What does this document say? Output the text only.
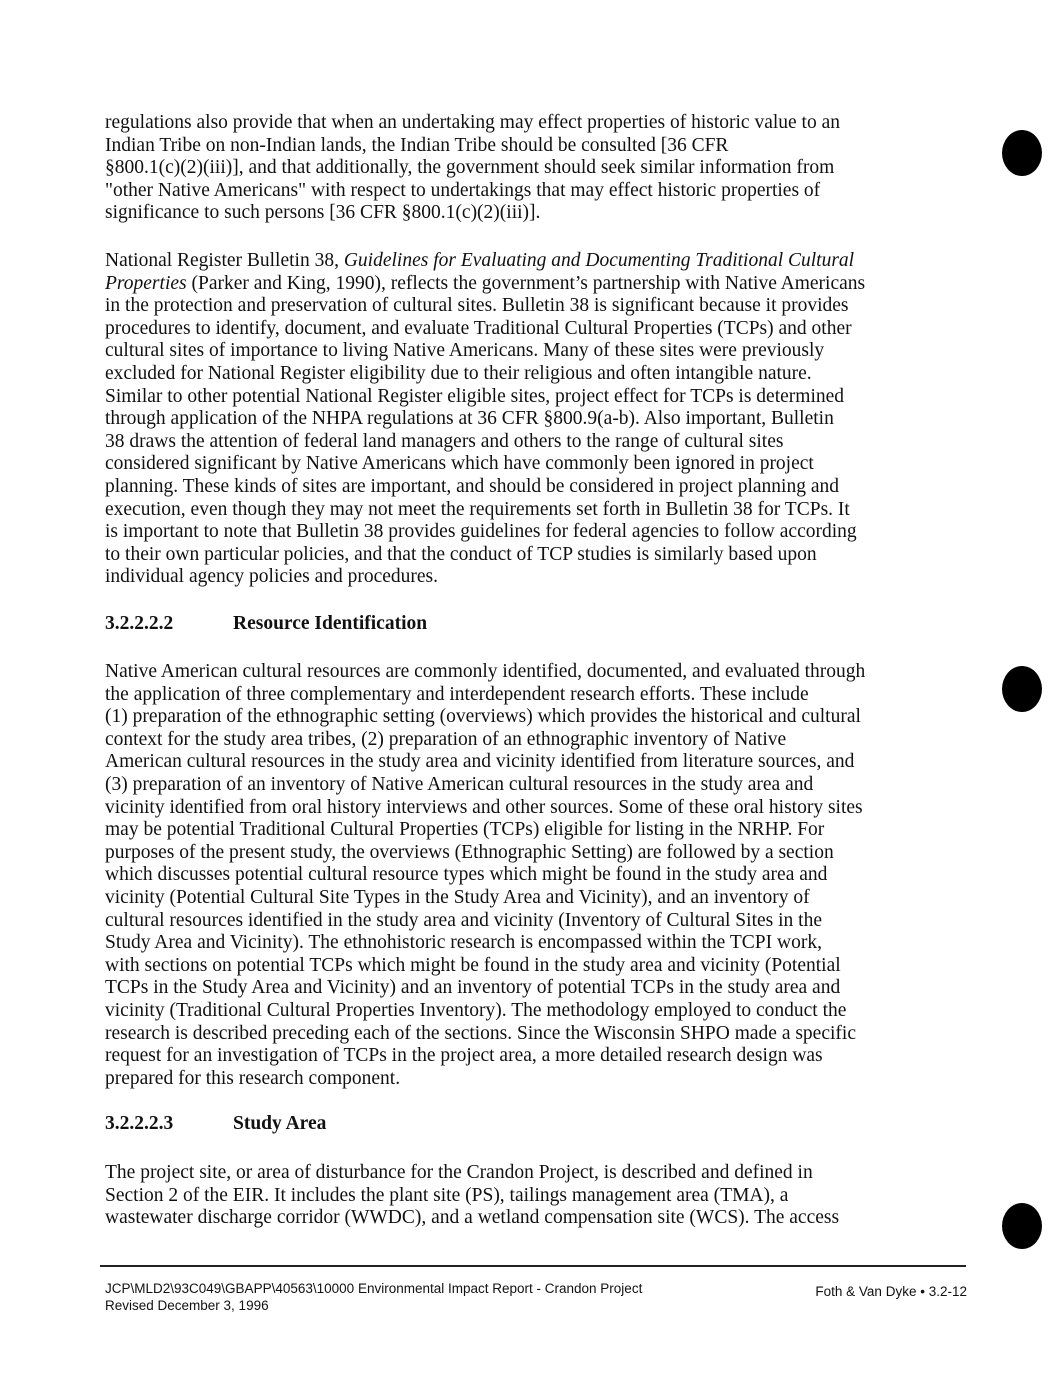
regulations also provide that when an undertaking may effect properties of historic value to an
Indian Tribe on non-Indian lands, the Indian Tribe should be consulted [36 CFR
§800.1(c)(2)(iii)], and that additionally, the government should seek similar information from
"other Native Americans" with respect to undertakings that may effect historic properties of
significance to such persons [36 CFR §800.1(c)(2)(iii)].

National Register Bulletin 38, Guidelines for Evaluating and Documenting Traditional Cultural
Properties (Parker and King, 1990), reflects the government’s partnership with Native Americans
in the protection and preservation of cultural sites. Bulletin 38 is significant because it provides
procedures to identify, document, and evaluate Traditional Cultural Properties (TCPs) and other
cultural sites of importance to living Native Americans. Many of these sites were previously
excluded for National Register eligibility due to their religious and often intangible nature.
Similar to other potential National Register eligible sites, project effect for TCPs is determined
through application of the NHPA regulations at 36 CFR §800.9(a-b). Also important, Bulletin
38 draws the attention of federal land managers and others to the range of cultural sites
considered significant by Native Americans which have commonly been ignored in project
planning. These kinds of sites are important, and should be considered in project planning and
execution, even though they may not meet the requirements set forth in Bulletin 38 for TCPs. It
is important to note that Bulletin 38 provides guidelines for federal agencies to follow according
to their own particular policies, and that the conduct of TCP studies is similarly based upon
individual agency policies and procedures.

3.2.2.2.2	Resource Identification

Native American cultural resources are commonly identified, documented, and evaluated through
the application of three complementary and interdependent research efforts. These include
(1) preparation of the ethnographic setting (overviews) which provides the historical and cultural
context for the study area tribes, (2) preparation of an ethnographic inventory of Native
American cultural resources in the study area and vicinity identified from literature sources, and
(3) preparation of an inventory of Native American cultural resources in the study area and
vicinity identified from oral history interviews and other sources. Some of these oral history sites
may be potential Traditional Cultural Properties (TCPs) eligible for listing in the NRHP. For
purposes of the present study, the overviews (Ethnographic Setting) are followed by a section
which discusses potential cultural resource types which might be found in the study area and
vicinity (Potential Cultural Site Types in the Study Area and Vicinity), and an inventory of
cultural resources identified in the study area and vicinity (Inventory of Cultural Sites in the
Study Area and Vicinity). The ethnohistoric research is encompassed within the TCPI work,
with sections on potential TCPs which might be found in the study area and vicinity (Potential
TCPs in the Study Area and Vicinity) and an inventory of potential TCPs in the study area and
vicinity (Traditional Cultural Properties Inventory). The methodology employed to conduct the
research is described preceding each of the sections. Since the Wisconsin SHPO made a specific
request for an investigation of TCPs in the project area, a more detailed research design was
prepared for this research component.

3.2.2.2.3	Study Area

The project site, or area of disturbance for the Crandon Project, is described and defined in
Section 2 of the EIR. It includes the plant site (PS), tailings management area (TMA), a
wastewater discharge corridor (WWDC), and a wetland compensation site (WCS). The access

JCP\MLD2\93C049\GBAPP\40563\10000 Environmental Impact Report - Crandon Project
Revised December 3, 1996
Foth & Van Dyke • 3.2-12
